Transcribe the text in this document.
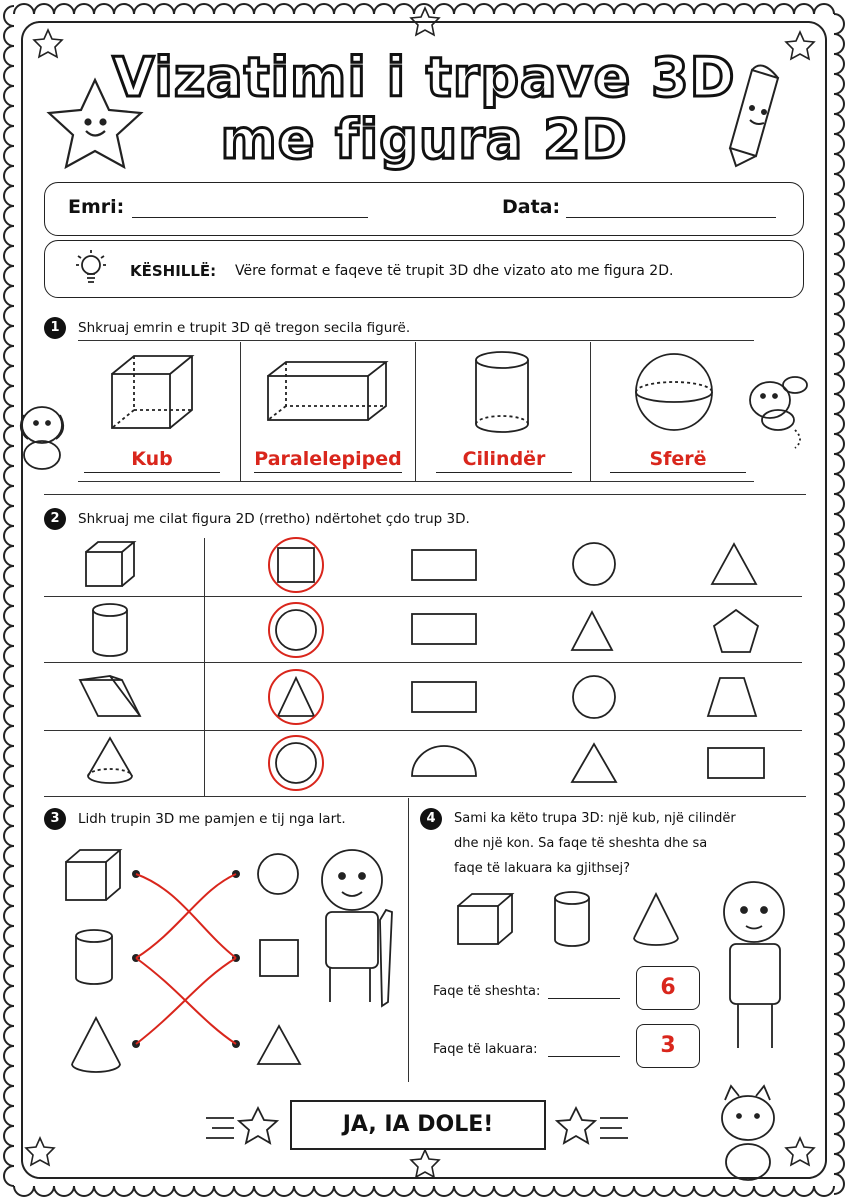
Vizatimi i trpave 3D
me figura 2D
Emri:	Data:
KËSHILLË: Vëre format e faqeve të trupit 3D dhe vizato ato me figura 2D.
1	Shkruaj emrin e trupit 3D që tregon secila figurë.
Kub	Paralelepiped	Cilindër	Sferë
2	Shkruaj me cilat figura 2D (rretho) ndërtohet çdo trup 3D.
3	Lidh trupin 3D me pamjen e tij nga lart.	4	Sami ka këto trupa 3D: një kub, një cilindër
dhe një kon. Sa faqe të sheshta dhe sa
faqe të lakuara ka gjithsej?
Faqe të sheshta:	6
Faqe të lakuara:	3
JA, IA DOLE!
